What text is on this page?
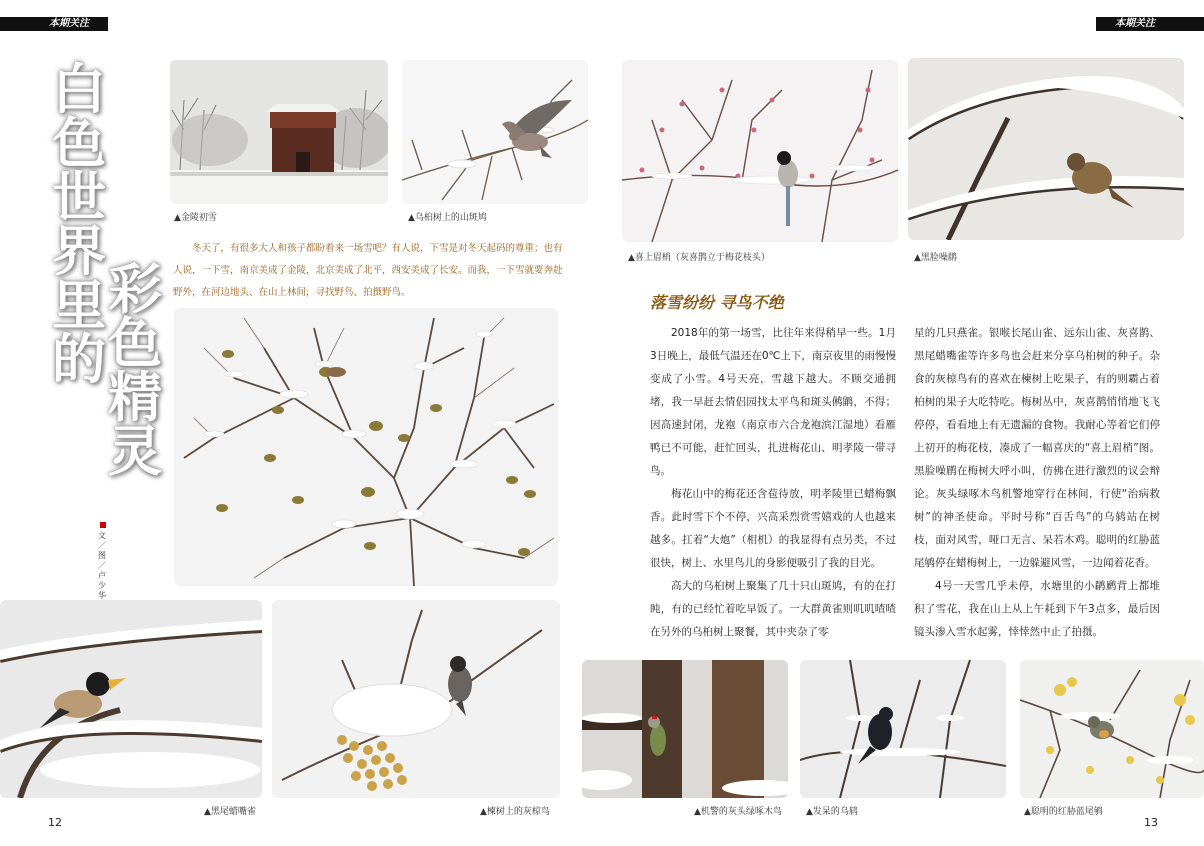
本期关注	本期关注
白
色
世
界
里
的
彩
色
精
灵
文／图／卢少华
▲金陵初雪	▲乌桕树上的山斑鸠
冬天了，有很多大人和孩子都盼着来一场雪吧？有人说，下雪是对冬天起码的尊重；也有人说，一下雪，南京美成了金陵，北京美成了北平，西安美成了长安。而我，一下雪就要奔赴野外，在河边地头、在山上林间，寻找野鸟、拍摄野鸟。
▲黑尾蜡嘴雀	▲楝树上的灰椋鸟
12
▲喜上眉梢（灰喜鹊立于梅花枝头）	▲黑脸噪鹛
落雪纷纷 寻鸟不绝

2018年的第一场雪，比往年来得稍早一些。1月3日晚上，最低气温还在0℃上下，南京夜里的雨慢慢变成了小雪。4号天亮，雪越下越大。不顾交通拥堵，我一早赶去情侣园找太平鸟和斑头鸺鹠，不得；因高速封闭，龙袍（南京市六合龙袍滨江湿地）看雁鸭已不可能，赶忙回头，扎进梅花山、明孝陵一带寻鸟。

梅花山中的梅花还含苞待放，明孝陵里已蜡梅飘香。此时雪下个不停，兴高采烈赏雪嬉戏的人也越来越多。扛着“大炮”（相机）的我显得有点另类，不过很快，树上、水里鸟儿的身影便吸引了我的目光。

高大的乌桕树上聚集了几十只山斑鸠，有的在打盹，有的已经忙着吃早饭了。一大群黄雀则叽叽喳喳在另外的乌桕树上聚餐，其中夹杂了零

星的几只燕雀。银喉长尾山雀、远东山雀、灰喜鹊、黑尾蜡嘴雀等许多鸟也会赶来分享乌桕树的种子。杂食的灰椋鸟有的喜欢在楝树上吃果子，有的则霸占着柏树的果子大吃特吃。梅树丛中，灰喜鹊悄悄地飞飞停停，看看地上有无遗漏的食物。我耐心等着它们停上初开的梅花枝，凑成了一幅喜庆的“喜上眉梢”图。黑脸噪鹛在梅树大呼小叫，仿佛在进行激烈的议会辩论。灰头绿啄木鸟机警地穿行在林间，行使“治病救树”的神圣使命。平时号称“百舌鸟”的乌鸫站在树枝，面对风雪，哑口无言、呆若木鸡。聪明的红胁蓝尾鸲停在蜡梅树上，一边躲避风雪，一边闻着花香。

4号一天雪几乎未停，水塘里的小䴙䴘背上都堆积了雪花，我在山上从上午耗到下午3点多，最后因镜头渗入雪水起雾，悻悻然中止了拍摄。

▲机警的灰头绿啄木鸟	▲发呆的乌鸫	▲聪明的红胁蓝尾鸲
13
